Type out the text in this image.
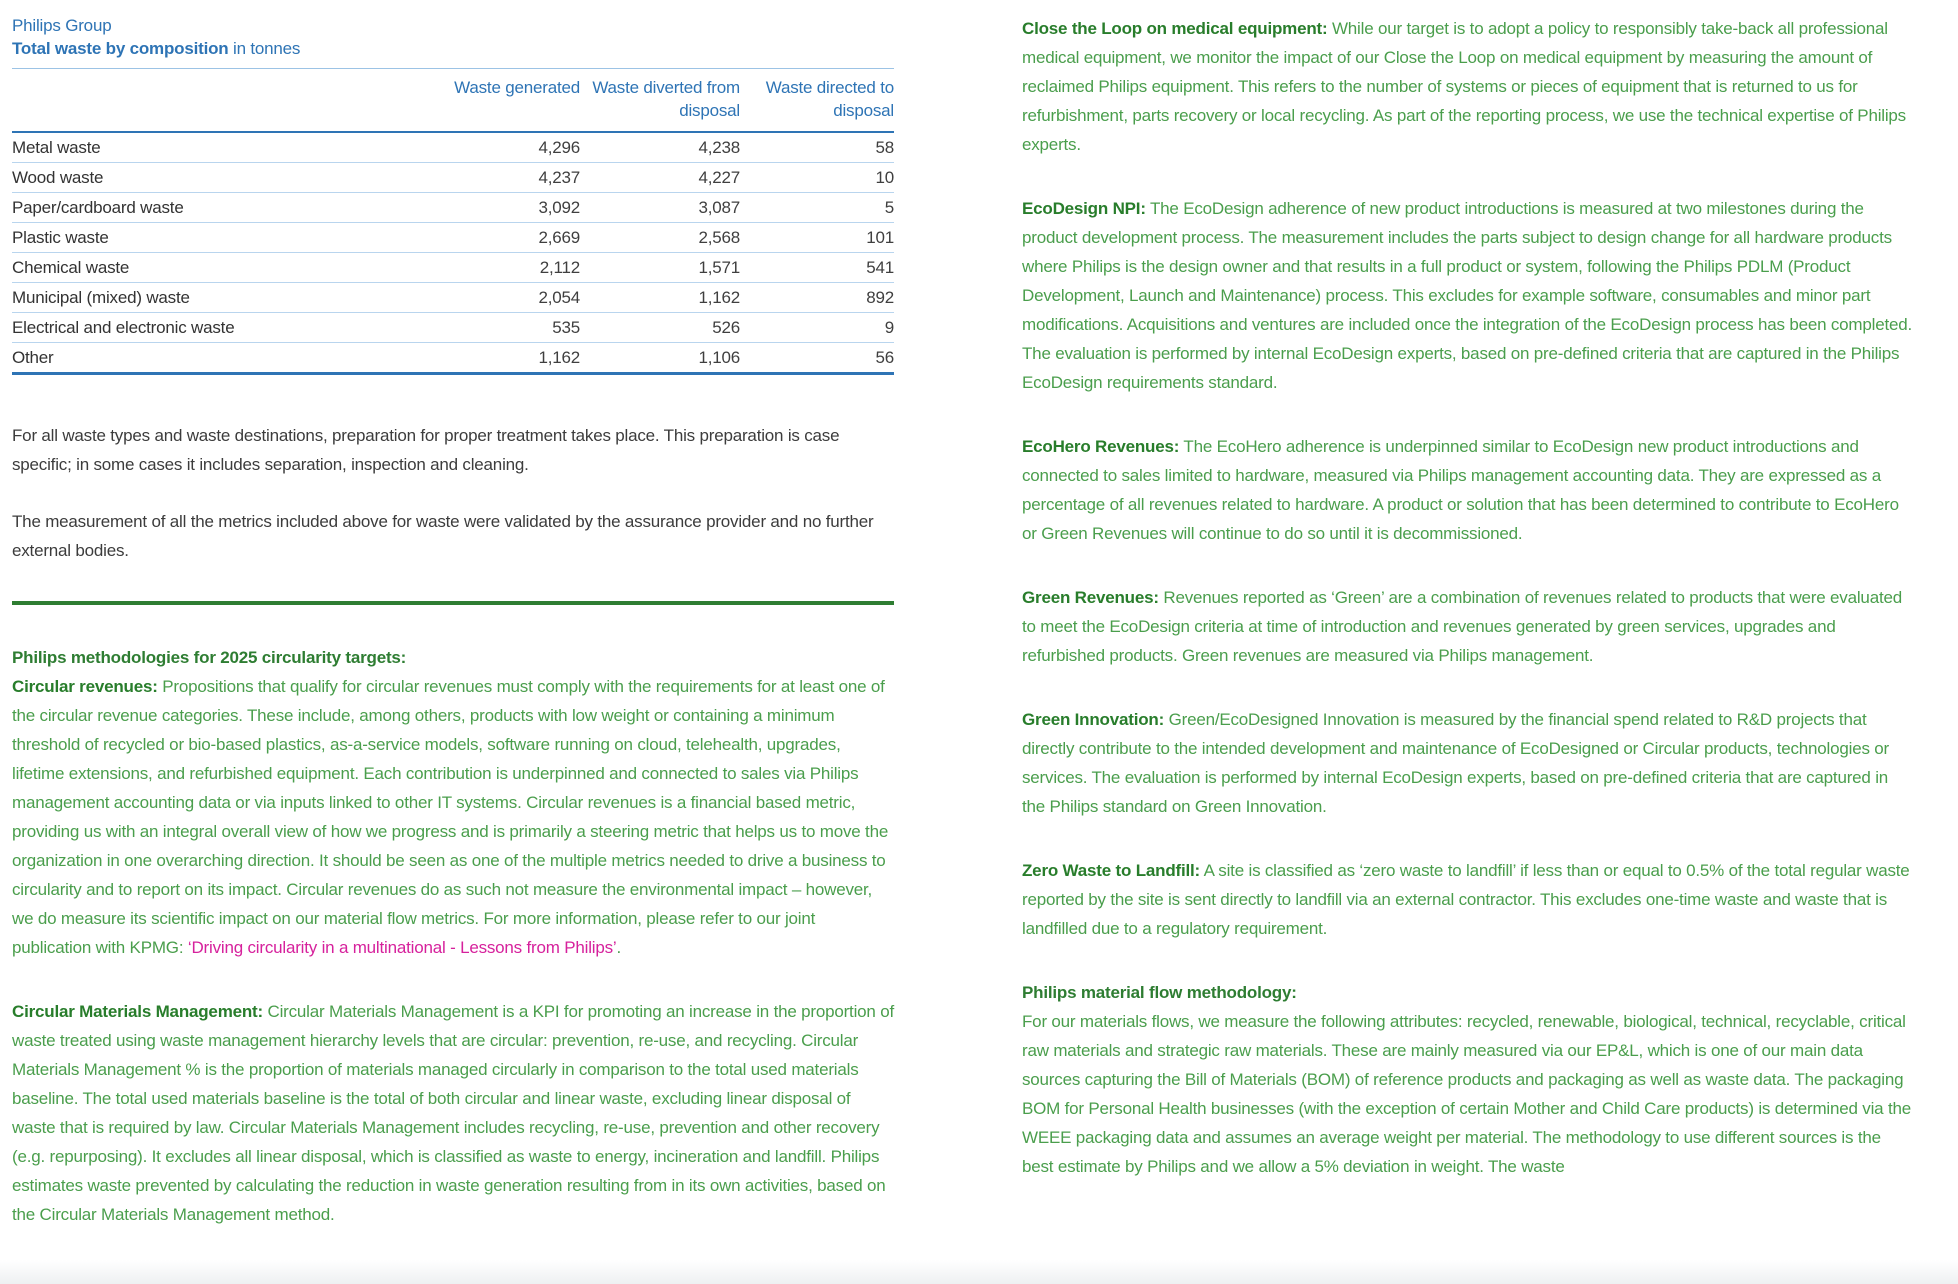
Philips Group
Total waste by composition in tonnes
	Waste generated	Waste diverted from disposal	Waste directed to disposal
Metal waste	4,296	4,238	58
Wood waste	4,237	4,227	10
Paper/cardboard waste	3,092	3,087	5
Plastic waste	2,669	2,568	101
Chemical waste	2,112	1,571	541
Municipal (mixed) waste	2,054	1,162	892
Electrical and electronic waste	535	526	9
Other	1,162	1,106	56

For all waste types and waste destinations, preparation for proper treatment takes place. This preparation is case specific; in some cases it includes separation, inspection and cleaning.

The measurement of all the metrics included above for waste were validated by the assurance provider and no further external bodies.

Philips methodologies for 2025 circularity targets:

Circular revenues: Propositions that qualify for circular revenues must comply with the requirements for at least one of the circular revenue categories. These include, among others, products with low weight or containing a minimum threshold of recycled or bio-based plastics, as-a-service models, software running on cloud, telehealth, upgrades, lifetime extensions, and refurbished equipment. Each contribution is underpinned and connected to sales via Philips management accounting data or via inputs linked to other IT systems. Circular revenues is a financial based metric, providing us with an integral overall view of how we progress and is primarily a steering metric that helps us to move the organization in one overarching direction. It should be seen as one of the multiple metrics needed to drive a business to circularity and to report on its impact. Circular revenues do as such not measure the environmental impact – however, we do measure its scientific impact on our material flow metrics. For more information, please refer to our joint publication with KPMG: ‘Driving circularity in a multinational - Lessons from Philips’.

Circular Materials Management: Circular Materials Management is a KPI for promoting an increase in the proportion of waste treated using waste management hierarchy levels that are circular: prevention, re-use, and recycling. Circular Materials Management % is the proportion of materials managed circularly in comparison to the total used materials baseline. The total used materials baseline is the total of both circular and linear waste, excluding linear disposal of waste that is required by law. Circular Materials Management includes recycling, re-use, prevention and other recovery (e.g. repurposing). It excludes all linear disposal, which is classified as waste to energy, incineration and landfill. Philips estimates waste prevented by calculating the reduction in waste generation resulting from in its own activities, based on the Circular Materials Management method.

Close the Loop on medical equipment: While our target is to adopt a policy to responsibly take-back all professional medical equipment, we monitor the impact of our Close the Loop on medical equipment by measuring the amount of reclaimed Philips equipment. This refers to the number of systems or pieces of equipment that is returned to us for refurbishment, parts recovery or local recycling. As part of the reporting process, we use the technical expertise of Philips experts.

EcoDesign NPI: The EcoDesign adherence of new product introductions is measured at two milestones during the product development process. The measurement includes the parts subject to design change for all hardware products where Philips is the design owner and that results in a full product or system, following the Philips PDLM (Product Development, Launch and Maintenance) process. This excludes for example software, consumables and minor part modifications. Acquisitions and ventures are included once the integration of the EcoDesign process has been completed. The evaluation is performed by internal EcoDesign experts, based on pre-defined criteria that are captured in the Philips EcoDesign requirements standard.

EcoHero Revenues: The EcoHero adherence is underpinned similar to EcoDesign new product introductions and connected to sales limited to hardware, measured via Philips management accounting data. They are expressed as a percentage of all revenues related to hardware. A product or solution that has been determined to contribute to EcoHero or Green Revenues will continue to do so until it is decommissioned.

Green Revenues: Revenues reported as ‘Green’ are a combination of revenues related to products that were evaluated to meet the EcoDesign criteria at time of introduction and revenues generated by green services, upgrades and refurbished products. Green revenues are measured via Philips management.

Green Innovation: Green/EcoDesigned Innovation is measured by the financial spend related to R&D projects that directly contribute to the intended development and maintenance of EcoDesigned or Circular products, technologies or services. The evaluation is performed by internal EcoDesign experts, based on pre-defined criteria that are captured in the Philips standard on Green Innovation.

Zero Waste to Landfill: A site is classified as ‘zero waste to landfill’ if less than or equal to 0.5% of the total regular waste reported by the site is sent directly to landfill via an external contractor. This excludes one-time waste and waste that is landfilled due to a regulatory requirement.

Philips material flow methodology:

For our materials flows, we measure the following attributes: recycled, renewable, biological, technical, recyclable, critical raw materials and strategic raw materials. These are mainly measured via our EP&L, which is one of our main data sources capturing the Bill of Materials (BOM) of reference products and packaging as well as waste data. The packaging BOM for Personal Health businesses (with the exception of certain Mother and Child Care products) is determined via the WEEE packaging data and assumes an average weight per material. The methodology to use different sources is the best estimate by Philips and we allow a 5% deviation in weight. The waste
